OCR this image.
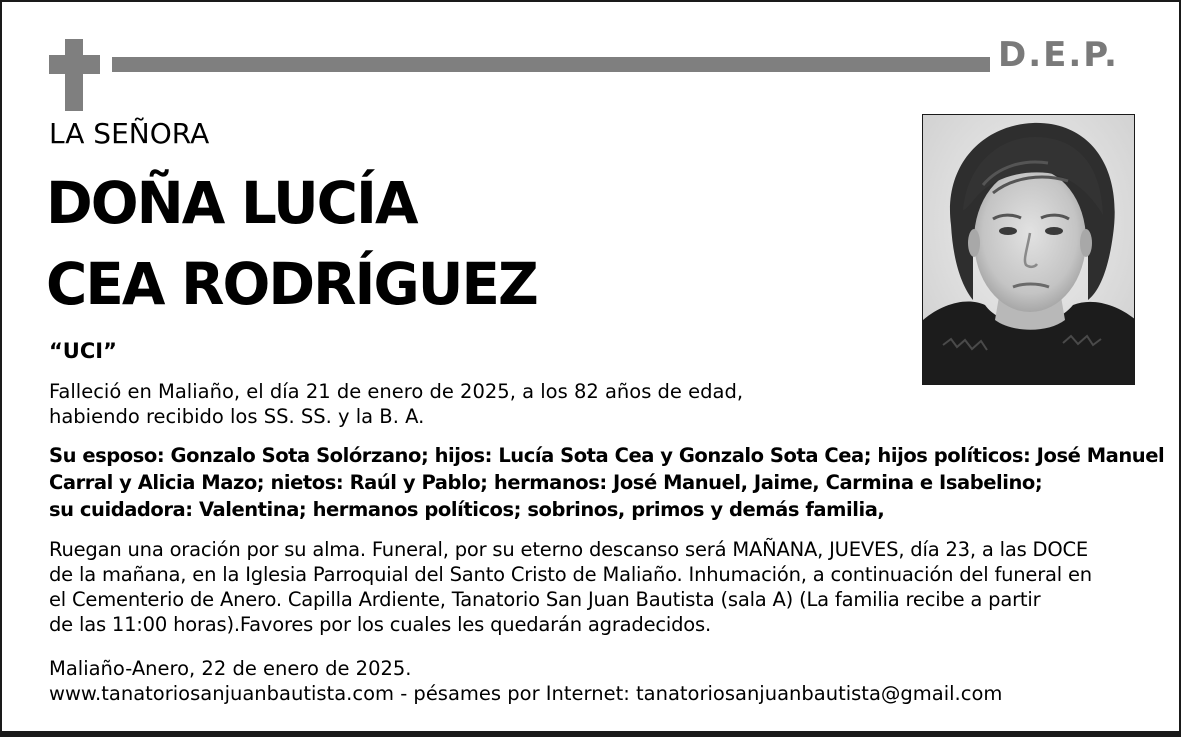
D.E.P.
LA SEÑORA
DOÑA LUCÍA
CEA RODRÍGUEZ
“UCI”
Falleció en Maliaño, el día 21 de enero de 2025, a los 82 años de edad,
habiendo recibido los SS. SS. y la B. A.
Su esposo: Gonzalo Sota Solórzano; hijos: Lucía Sota Cea y Gonzalo Sota Cea; hijos políticos: José Manuel
Carral y Alicia Mazo; nietos: Raúl y Pablo; hermanos: José Manuel, Jaime, Carmina e Isabelino;
su cuidadora: Valentina; hermanos políticos; sobrinos, primos y demás familia,
Ruegan una oración por su alma. Funeral, por su eterno descanso será MAÑANA, JUEVES, día 23, a las DOCE
de la mañana, en la Iglesia Parroquial del Santo Cristo de Maliaño. Inhumación, a continuación del funeral en
el Cementerio de Anero. Capilla Ardiente, Tanatorio San Juan Bautista (sala A) (La familia recibe a partir
de las 11:00 horas).Favores por los cuales les quedarán agradecidos.
Maliaño-Anero, 22 de enero de 2025.
www.tanatoriosanjuanbautista.com - pésames por Internet: tanatoriosanjuanbautista@gmail.com
